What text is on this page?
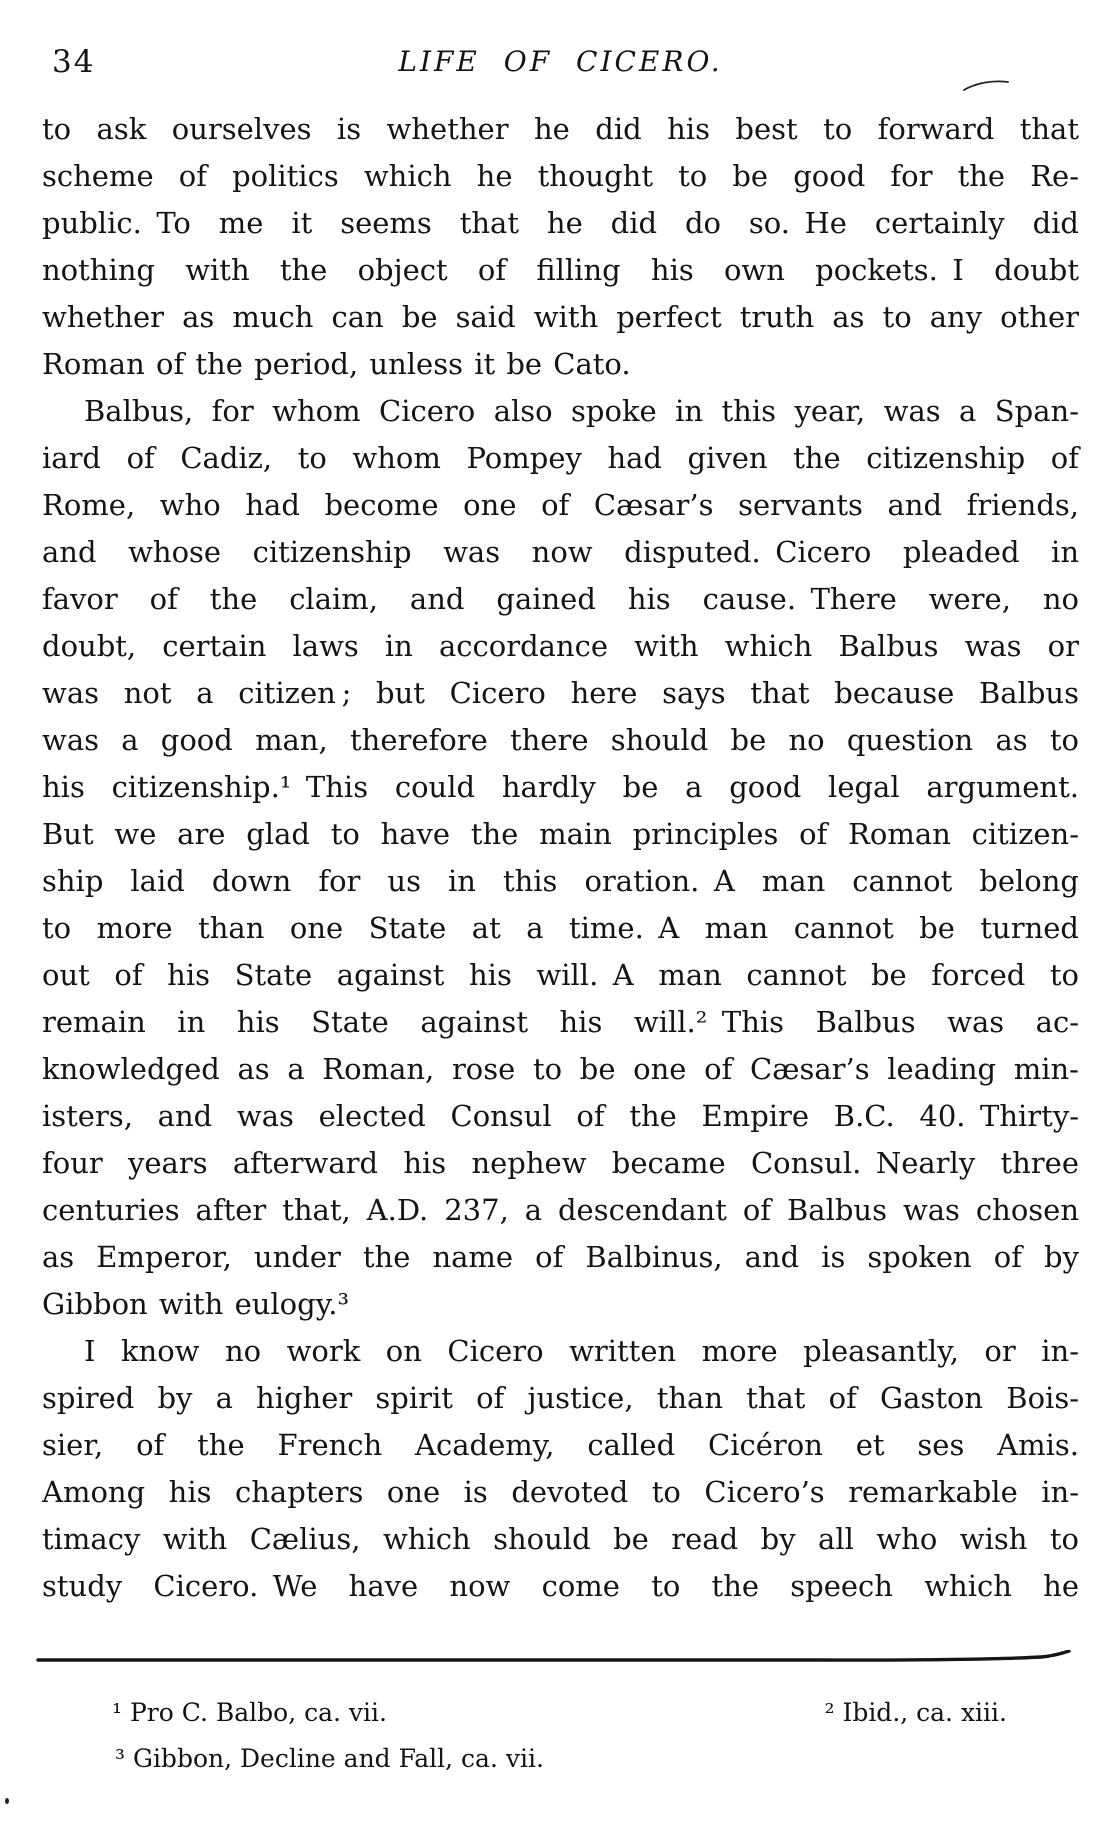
34	LIFE OF CICERO.
to ask ourselves is whether he did his best to forward that
scheme of politics which he thought to be good for the Re-
public. To me it seems that he did do so. He certainly did
nothing with the object of filling his own pockets. I doubt
whether as much can be said with perfect truth as to any other
Roman of the period, unless it be Cato.
Balbus, for whom Cicero also spoke in this year, was a Span-
iard of Cadiz, to whom Pompey had given the citizenship of
Rome, who had become one of Cæsar’s servants and friends,
and whose citizenship was now disputed. Cicero pleaded in
favor of the claim, and gained his cause. There were, no
doubt, certain laws in accordance with which Balbus was or
was not a citizen ; but Cicero here says that because Balbus
was a good man, therefore there should be no question as to
his citizenship.¹ This could hardly be a good legal argument.
But we are glad to have the main principles of Roman citizen-
ship laid down for us in this oration. A man cannot belong
to more than one State at a time. A man cannot be turned
out of his State against his will. A man cannot be forced to
remain in his State against his will.² This Balbus was ac-
knowledged as a Roman, rose to be one of Cæsar’s leading min-
isters, and was elected Consul of the Empire B.C. 40. Thirty-
four years afterward his nephew became Consul. Nearly three
centuries after that, A.D. 237, a descendant of Balbus was chosen
as Emperor, under the name of Balbinus, and is spoken of by
Gibbon with eulogy.³
I know no work on Cicero written more pleasantly, or in-
spired by a higher spirit of justice, than that of Gaston Bois-
sier, of the French Academy, called Cicéron et ses Amis.
Among his chapters one is devoted to Cicero’s remarkable in-
timacy with Cælius, which should be read by all who wish to
study Cicero. We have now come to the speech which he
¹ Pro C. Balbo, ca. vii.	² Ibid., ca. xiii.
³ Gibbon, Decline and Fall, ca. vii.
